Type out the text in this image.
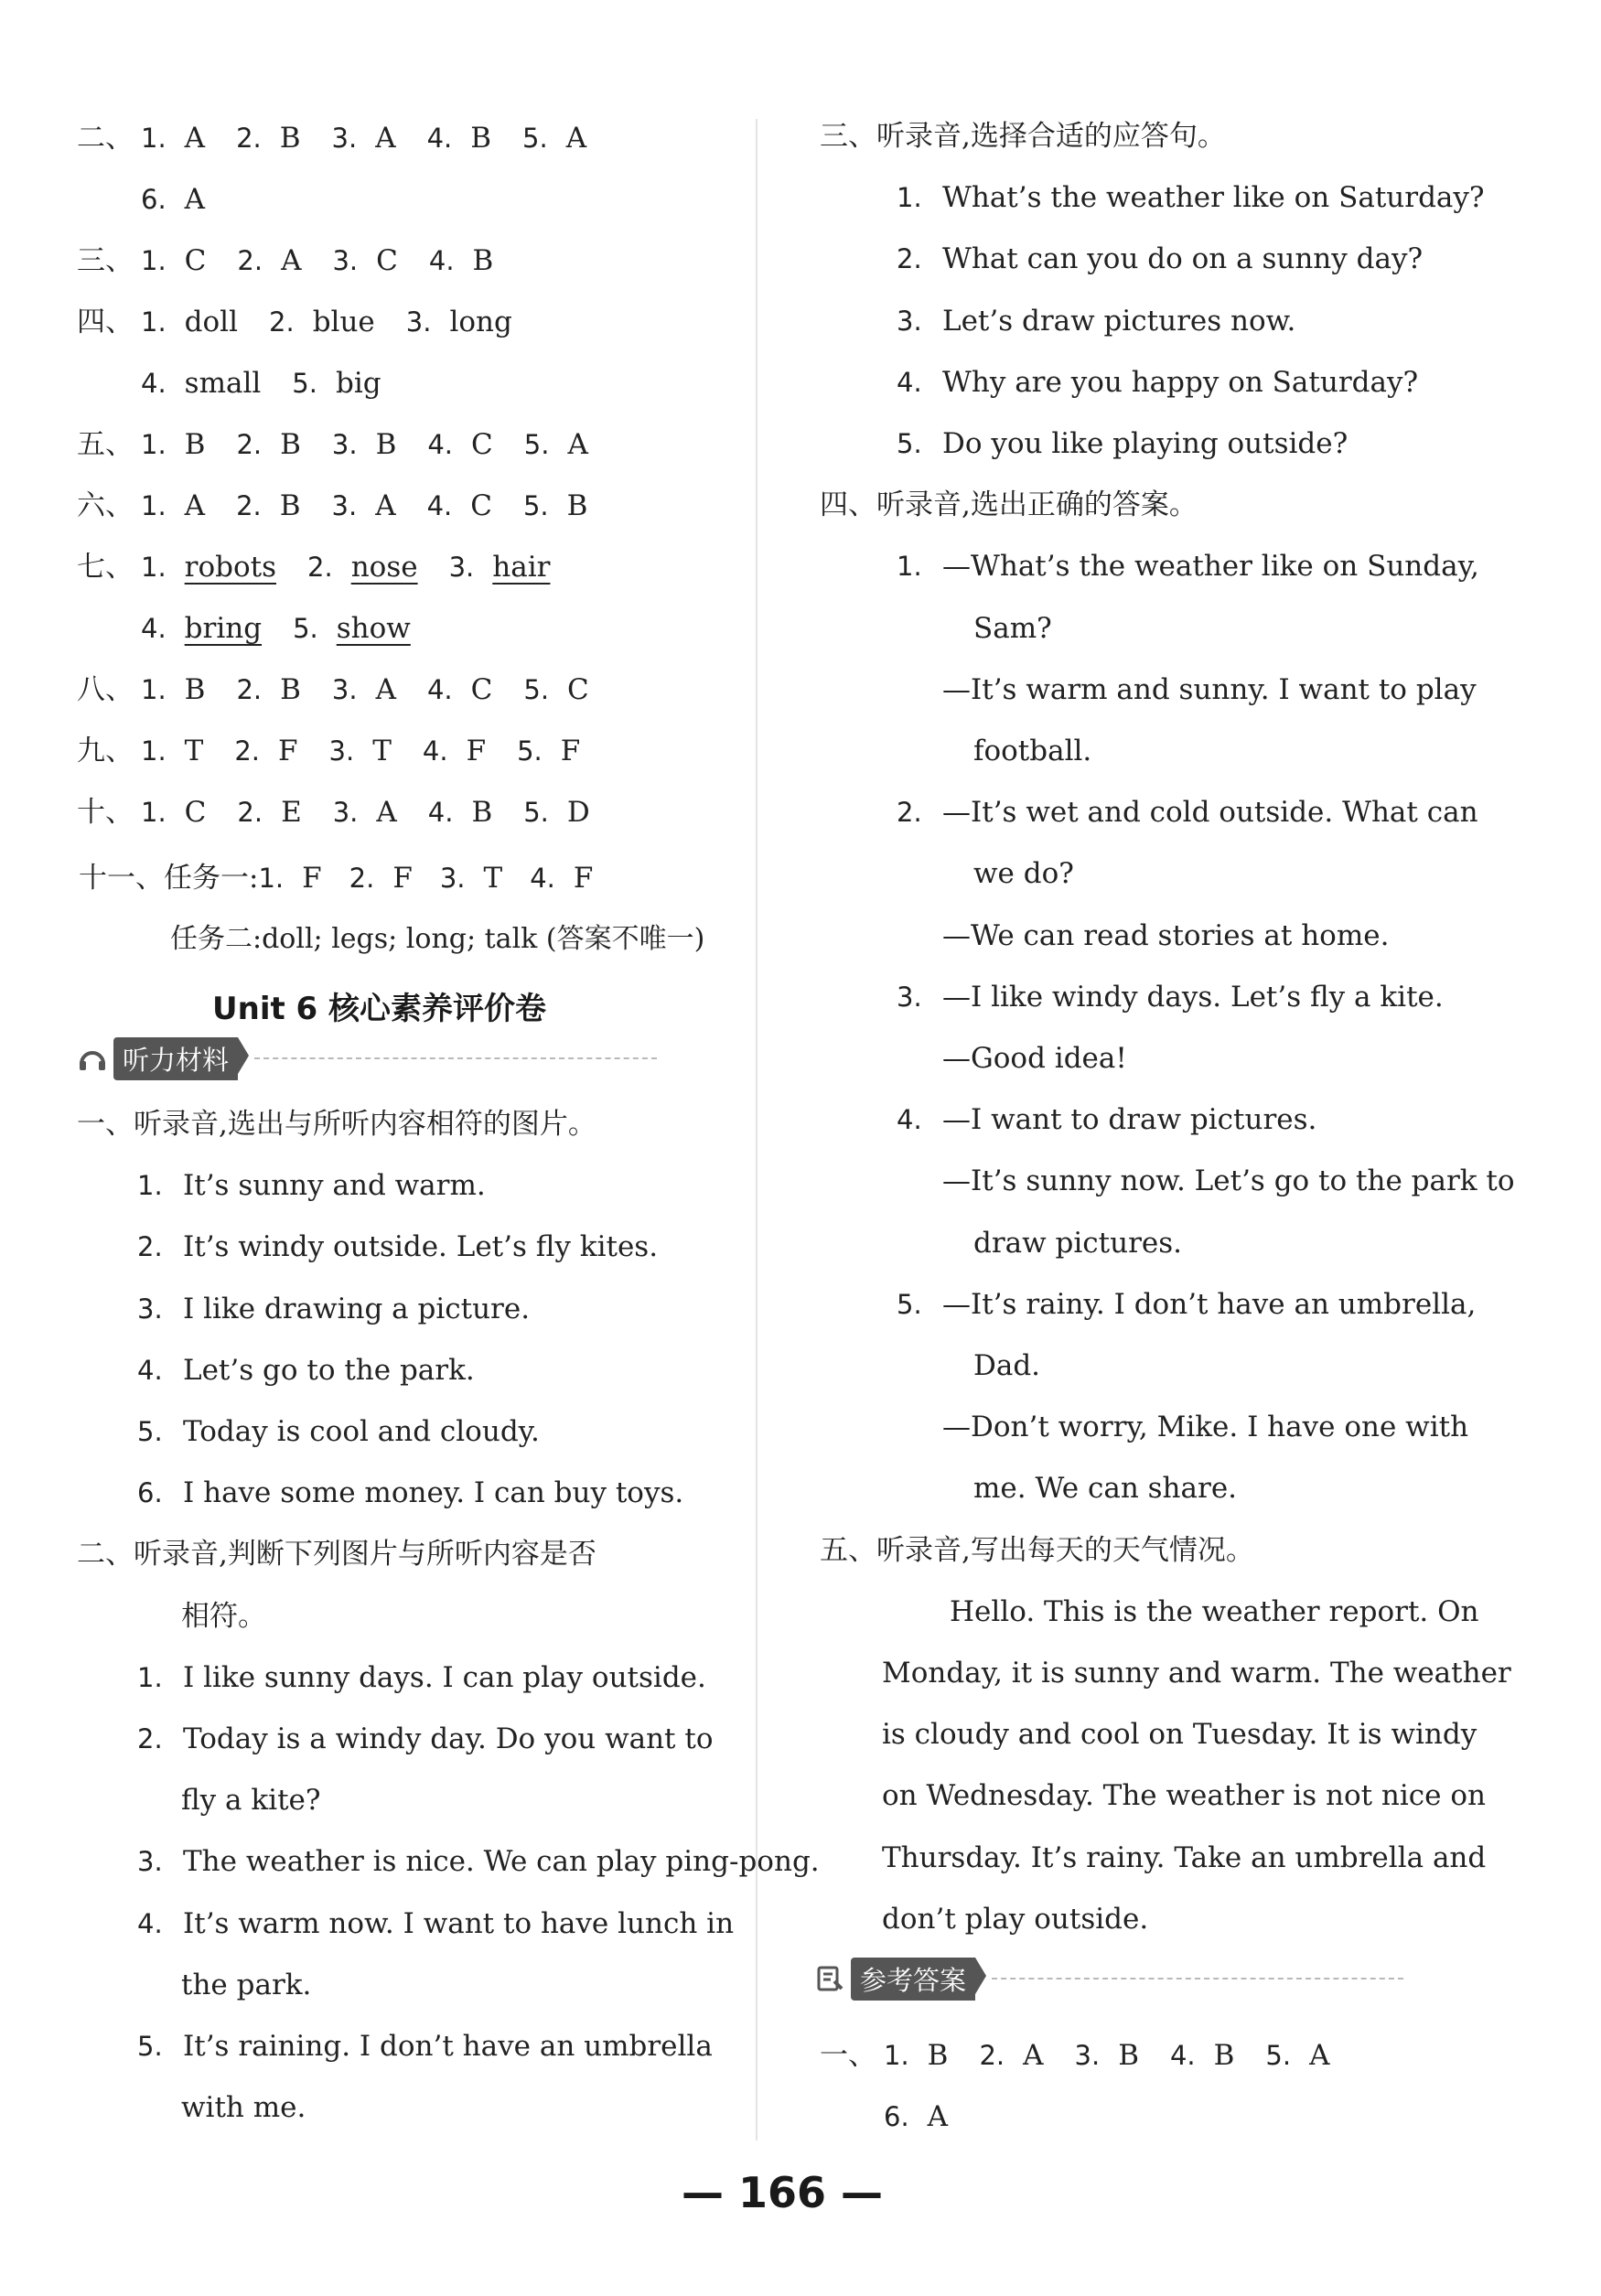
二、 1. A 2. B 3. A 4. B 5. A
6. A
三、 1. C 2. A 3. C 4. B
四、 1. doll 2. blue 3. long
4. small 5. big
五、 1. B 2. B 3. B 4. C 5. A
六、 1. A 2. B 3. A 4. C 5. B
七、 1. robots 2. nose 3. hair
4. bring 5. show
八、 1. B 2. B 3. A 4. C 5. C
九、 1. T 2. F 3. T 4. F 5. F
十、 1. C 2. E 3. A 4. B 5. D
十一、任务一:1. F 2. F 3. T 4. F
任务二:doll; legs; long; talk (答案不唯一)
Unit 6 核心素养评价卷
听力材料
一、听录音,选出与所听内容相符的图片。
1. It’s sunny and warm.
2. It’s windy outside. Let’s fly kites.
3. I like drawing a picture.
4. Let’s go to the park.
5. Today is cool and cloudy.
6. I have some money. I can buy toys.
二、听录音,判断下列图片与所听内容是否
相符。
1. I like sunny days. I can play outside.
2. Today is a windy day. Do you want to
fly a kite?
3. The weather is nice. We can play ping-pong.
4. It’s warm now. I want to have lunch in
the park.
5. It’s raining. I don’t have an umbrella
with me.
三、听录音,选择合适的应答句。
1. What’s the weather like on Saturday?
2. What can you do on a sunny day?
3. Let’s draw pictures now.
4. Why are you happy on Saturday?
5. Do you like playing outside?
四、听录音,选出正确的答案。
1. —What’s the weather like on Sunday,
Sam?
—It’s warm and sunny. I want to play
football.
2. —It’s wet and cold outside. What can
we do?
—We can read stories at home.
3. —I like windy days. Let’s fly a kite.
—Good idea!
4. —I want to draw pictures.
—It’s sunny now. Let’s go to the park to
draw pictures.
5. —It’s rainy. I don’t have an umbrella,
Dad.
—Don’t worry, Mike. I have one with
me. We can share.
五、听录音,写出每天的天气情况。
Hello. This is the weather report. On
Monday, it is sunny and warm. The weather
is cloudy and cool on Tuesday. It is windy
on Wednesday. The weather is not nice on
Thursday. It’s rainy. Take an umbrella and
don’t play outside.
参考答案
一、 1. B 2. A 3. B 4. B 5. A
6. A
— 166 —
